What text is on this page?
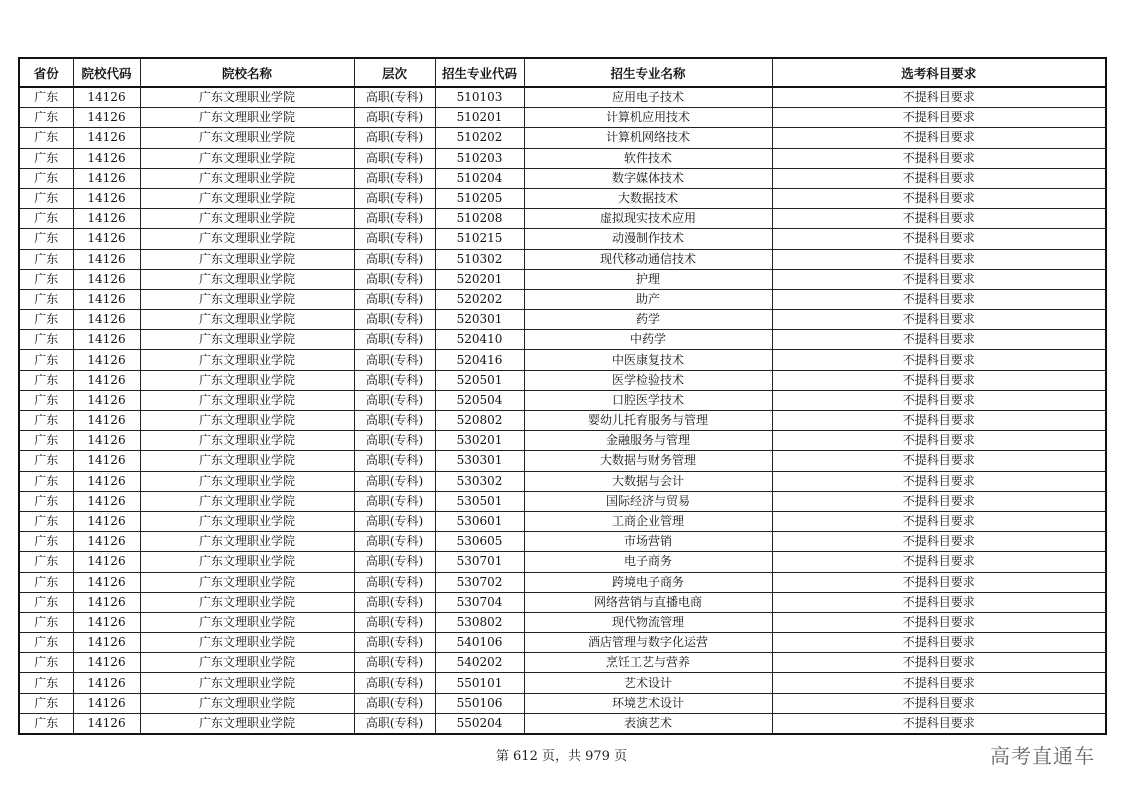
省份	院校代码	院校名称	层次	招生专业代码	招生专业名称	选考科目要求
广东	14126	广东文理职业学院	高职(专科)	510103	应用电子技术	不提科目要求
广东	14126	广东文理职业学院	高职(专科)	510201	计算机应用技术	不提科目要求
广东	14126	广东文理职业学院	高职(专科)	510202	计算机网络技术	不提科目要求
广东	14126	广东文理职业学院	高职(专科)	510203	软件技术	不提科目要求
广东	14126	广东文理职业学院	高职(专科)	510204	数字媒体技术	不提科目要求
广东	14126	广东文理职业学院	高职(专科)	510205	大数据技术	不提科目要求
广东	14126	广东文理职业学院	高职(专科)	510208	虚拟现实技术应用	不提科目要求
广东	14126	广东文理职业学院	高职(专科)	510215	动漫制作技术	不提科目要求
广东	14126	广东文理职业学院	高职(专科)	510302	现代移动通信技术	不提科目要求
广东	14126	广东文理职业学院	高职(专科)	520201	护理	不提科目要求
广东	14126	广东文理职业学院	高职(专科)	520202	助产	不提科目要求
广东	14126	广东文理职业学院	高职(专科)	520301	药学	不提科目要求
广东	14126	广东文理职业学院	高职(专科)	520410	中药学	不提科目要求
广东	14126	广东文理职业学院	高职(专科)	520416	中医康复技术	不提科目要求
广东	14126	广东文理职业学院	高职(专科)	520501	医学检验技术	不提科目要求
广东	14126	广东文理职业学院	高职(专科)	520504	口腔医学技术	不提科目要求
广东	14126	广东文理职业学院	高职(专科)	520802	婴幼儿托育服务与管理	不提科目要求
广东	14126	广东文理职业学院	高职(专科)	530201	金融服务与管理	不提科目要求
广东	14126	广东文理职业学院	高职(专科)	530301	大数据与财务管理	不提科目要求
广东	14126	广东文理职业学院	高职(专科)	530302	大数据与会计	不提科目要求
广东	14126	广东文理职业学院	高职(专科)	530501	国际经济与贸易	不提科目要求
广东	14126	广东文理职业学院	高职(专科)	530601	工商企业管理	不提科目要求
广东	14126	广东文理职业学院	高职(专科)	530605	市场营销	不提科目要求
广东	14126	广东文理职业学院	高职(专科)	530701	电子商务	不提科目要求
广东	14126	广东文理职业学院	高职(专科)	530702	跨境电子商务	不提科目要求
广东	14126	广东文理职业学院	高职(专科)	530704	网络营销与直播电商	不提科目要求
广东	14126	广东文理职业学院	高职(专科)	530802	现代物流管理	不提科目要求
广东	14126	广东文理职业学院	高职(专科)	540106	酒店管理与数字化运营	不提科目要求
广东	14126	广东文理职业学院	高职(专科)	540202	烹饪工艺与营养	不提科目要求
广东	14126	广东文理职业学院	高职(专科)	550101	艺术设计	不提科目要求
广东	14126	广东文理职业学院	高职(专科)	550106	环境艺术设计	不提科目要求
广东	14126	广东文理职业学院	高职(专科)	550204	表演艺术	不提科目要求
第 612 页，共 979 页	高考直通车
